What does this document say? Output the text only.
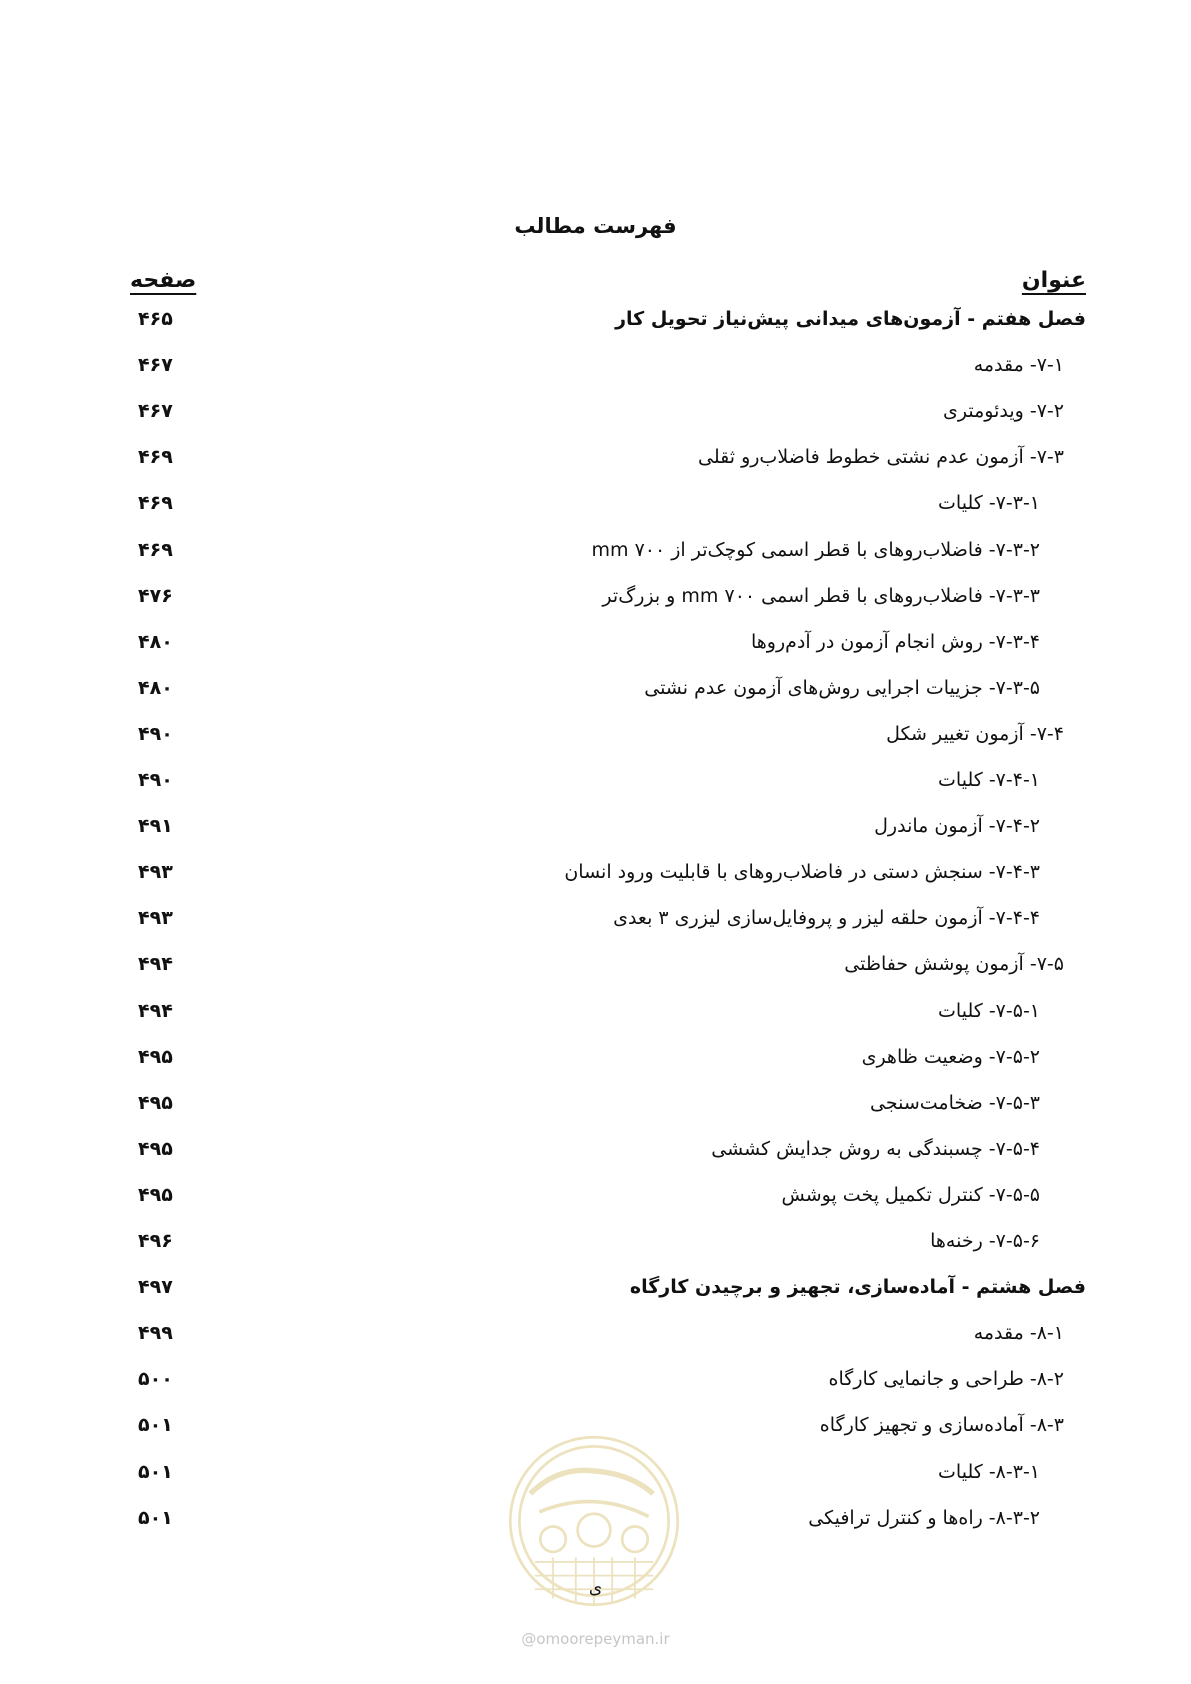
فهرست مطالب
عنوان
صفحه
فصل هفتم - آزمون‌های میدانی پیش‌نیاز تحویل کار
۴۶۵
۷-۱- مقدمه
۴۶۷
۷-۲- ویدئومتری
۴۶۷
۷-۳- آزمون عدم نشتی خطوط فاضلاب‌رو ثقلی
۴۶۹
۷-۳-۱- کلیات
۴۶۹
۷-۳-۲- فاضلاب‌روهای با قطر اسمی کوچک‌تر از ۷۰۰ mm
۴۶۹
۷-۳-۳- فاضلاب‌روهای با قطر اسمی ۷۰۰ mm و بزرگ‌تر
۴۷۶
۷-۳-۴- روش انجام آزمون در آدم‌روها
۴۸۰
۷-۳-۵- جزییات اجرایی روش‌های آزمون عدم نشتی
۴۸۰
۷-۴- آزمون تغییر شکل
۴۹۰
۷-۴-۱- کلیات
۴۹۰
۷-۴-۲- آزمون ماندرل
۴۹۱
۷-۴-۳- سنجش دستی در فاضلاب‌روهای با قابلیت ورود انسان
۴۹۳
۷-۴-۴- آزمون حلقه لیزر و پروفایل‌سازی لیزری ۳ بعدی
۴۹۳
۷-۵- آزمون پوشش حفاظتی
۴۹۴
۷-۵-۱- کلیات
۴۹۴
۷-۵-۲- وضعیت ظاهری
۴۹۵
۷-۵-۳- ضخامت‌سنجی
۴۹۵
۷-۵-۴- چسبندگی به روش جدایش کششی
۴۹۵
۷-۵-۵- کنترل تکمیل پخت پوشش
۴۹۵
۷-۵-۶- رخنه‌ها
۴۹۶
فصل هشتم - آماده‌سازی، تجهیز و برچیدن کارگاه
۴۹۷
۸-۱- مقدمه
۴۹۹
۸-۲- طراحی و جانمایی کارگاه
۵۰۰
۸-۳- آماده‌سازی و تجهیز کارگاه
۵۰۱
۸-۳-۱- کلیات
۵۰۱
۸-۳-۲- راه‌ها و کنترل ترافیکی
۵۰۱
ی
@omoorepeyman.ir
